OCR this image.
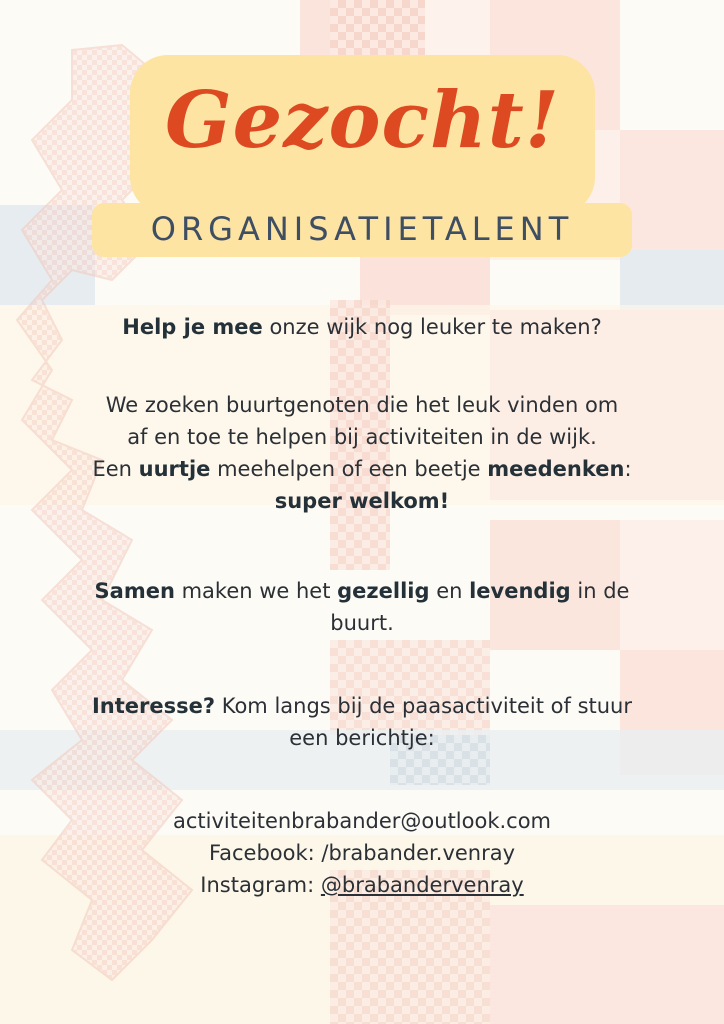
Gezocht!
ORGANISATIETALENT
Help je mee onze wijk nog leuker te maken?
We zoeken buurtgenoten die het leuk vinden om
af en toe te helpen bij activiteiten in de wijk.
Een uurtje meehelpen of een beetje meedenken:
super welkom!
Samen maken we het gezellig en levendig in de
buurt.
Interesse? Kom langs bij de paasactiviteit of stuur
een berichtje:
activiteitenbrabander@outlook.com
Facebook: /brabander.venray
Instagram: @brabandervenray
